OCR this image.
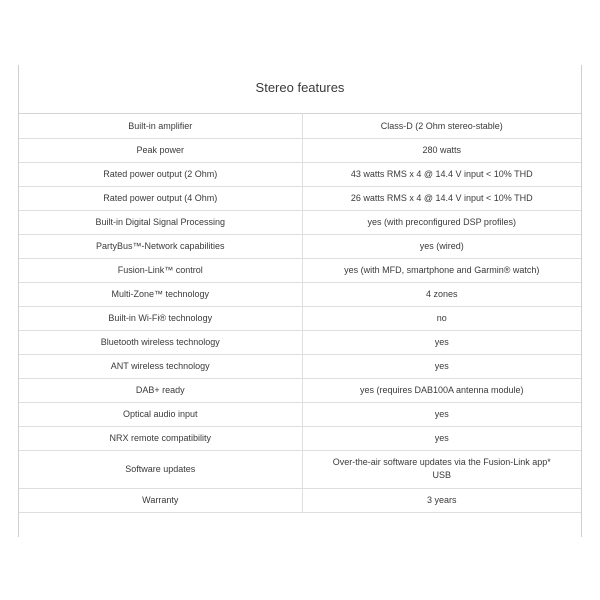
Stereo features
Built-in amplifier	Class-D (2 Ohm stereo-stable)
Peak power	280 watts
Rated power output (2 Ohm)	43 watts RMS x 4 @ 14.4 V input < 10% THD
Rated power output (4 Ohm)	26 watts RMS x 4 @ 14.4 V input < 10% THD
Built-in Digital Signal Processing	yes (with preconfigured DSP profiles)
PartyBus™-Network capabilities	yes (wired)
Fusion-Link™ control	yes (with MFD, smartphone and Garmin® watch)
Multi-Zone™ technology	4 zones
Built-in Wi-Fi® technology	no
Bluetooth wireless technology	yes
ANT wireless technology	yes
DAB+ ready	yes (requires DAB100A antenna module)
Optical audio input	yes
NRX remote compatibility	yes
Software updates	Over-the-air software updates via the Fusion-Link app*
USB

Warranty	3 years
